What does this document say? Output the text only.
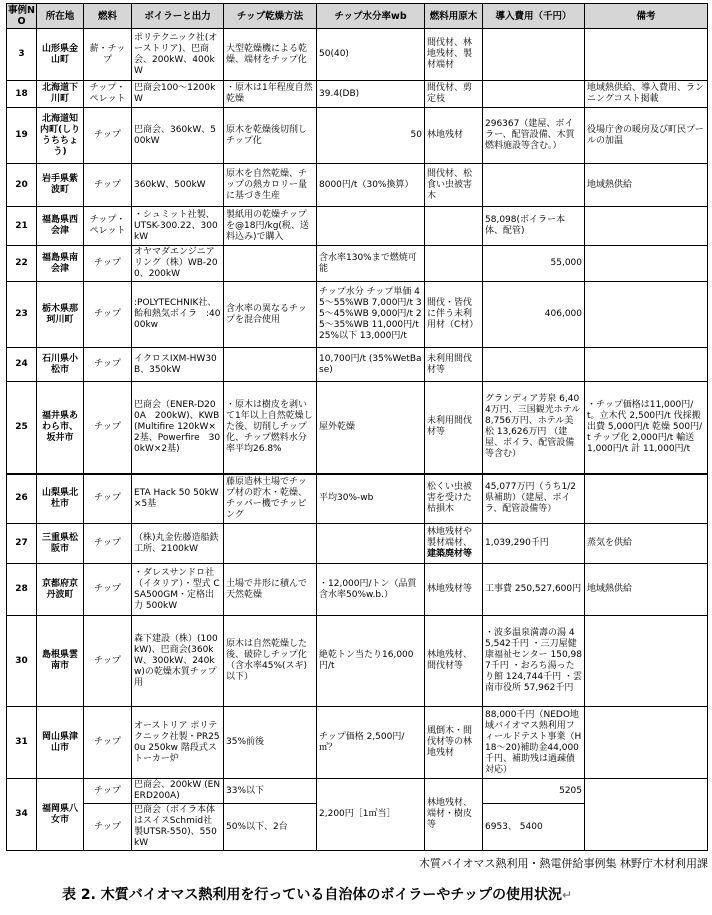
事例NO	所在地	燃料	ボイラーと出力	チップ乾燥方法	チップ水分率wb	燃料用原木	導入費用（千円）	備考
3	山形県金山町	薪・チップ	ポリテクニック社(オーストリア)、巴商会、200kW、400kW	大型乾燥機による乾燥、端材をチップ化	50(40)	間伐材、林地残材、製材端材		
18	北海道下川町	チップ・ペレット	巴商会100～1200kW	・原木は1年程度自然乾燥	39.4(DB)	間伐材、剪定枝		地域熱供給、導入費用、ランニングコスト掲載
19	北海道知内町(しりうちちょう)	チップ	巴商会、360kW、500kW	原木を乾燥後切削しチップ化	50	林地残材	296367（建屋、ボイラー、配管設備、木質燃料施設等含む。）	役場庁舎の暖房及び町民プールの加温
20	岩手県紫波町	チップ	360kW、500kW	原木を自然乾燥、チップの熱カロリー量に基づき生産	8000円/t（30%換算）	間伐材、松食い虫被害木		地域熱供給
21	福島県西会津	チップ・ペレット	・シュミット社製、UTSK-300.22、300kW	製紙用の乾燥チップを@18円/kg(税、送料込み)で購入			58,098(ボイラー本体、配管)	
22	福島県南会津	チップ	オヤマダエンジニアリング（株）WB-200、200kW		含水率130%まで燃焼可能		55,000	
23	栃木県那珂川町	チップ	:POLYTECHNIK社、飴和熱気ボイラ　:4000kw	含水率の異なるチップを混合使用	チップ水分 チップ単価 45～55%WB 7,000円/t 35～45%WB 9,000円/t 25～35%WB 11,000円/t 25%以下 13,000円/t	間伐・皆伐に伴う未利用材（C材）	406,000	
24	石川県小松市	チップ	イクロスIXM-HW30B、350kW		10,700円/t (35%WetBase)	未利用間伐材等		
25	福井県あわら市、坂井市	チップ	巴商会（ENER-D200A　200kW)、KWB(Multifire 120kW×2基、Powerfire　300kW×2基)	・原木は樹皮を剥いて1年以上自然乾燥した後、切削しチップ化、チップ燃料水分率平均26.8%	屋外乾燥	未利用間伐材等	グランディア芳泉 6,404万円、三国観光ホテル 8,756万円、ホテル美松 13,626万円 （建屋、ボイラ、配管設備等含む）	・チップ価格は11,000円/t。立木代 2,500円/t 伐採搬出費 5,000円/t 乾燥 500円/t チップ化 2,000円/t 輸送 1,000円/t 計 11,000円/t
26	山梨県北杜市	チップ	ETA Hack 50 50kW×5基	藤原造林土場でチップ材の貯木・乾燥、チッパー機でチッピング	平均30%-wb	松くい虫被害を受けた枯損木	45,077万円（うち1/2県補助）（建屋、ボイラ、配管設備等）	
27	三重県松阪市	チップ	（株)丸金佐藤造船鉄工所、2100kW			林地残材や製材端材、建築廃材等	1,039,290千円	蒸気を供給
28	京都府京丹波町	チップ	・ダレスサンドロ社（イタリア）・型式 CSA500GM・定格出力 500kW	土場で井形に積んで天然乾燥	・12,000円/トン（品質 含水率50%w.b.）	林地残材等	工事費 250,527,600円	地域熱供給
30	島根県雲南市	チップ	森下建設（株）(100kW)、巴商会(360kW、300kW、240kw)の乾燥木質チップ用	原木は自然乾燥した後、破砕しチップ化（含水率45%(スギ)以下）	絶乾トン当たり16,000円/t	林地残材、間伐材等	・波多温泉満壽の湯 45,542千円 ・三刀屋健康福祉センター 150,987千円 ・おろち湯ったり館 124,744千円 ・雲南市役所 57,962千円	
31	岡山県津山市	チップ	オーストリア ポリテクニック社製・PR250u 250kw 階段式ストーカー炉	35%前後	チップ価格 2,500円/㎥？	風倒木・間伐材等の林地残材	88,000千円（NEDO地域バイオマス熱利用フィールドテスト事業（H18～20)補助金44,000千円、補助残は過疎債対応）	
34	福岡県八女市	チップ	巴商会、200kW (ENERD200A)	33%以下	2,200円［1㎥当］	林地残材、端材・樹皮等	5205	
		チップ	巴商会（ボイラ本体はスイスSchmid社製UTSR-550)、550kW	50%以下、2台			6953、 5400	
木質バイオマス熱利用・熱電併給事例集 林野庁木材利用課
表 2. 木質バイオマス熱利用を行っている自治体のボイラーやチップの使用状況↵
